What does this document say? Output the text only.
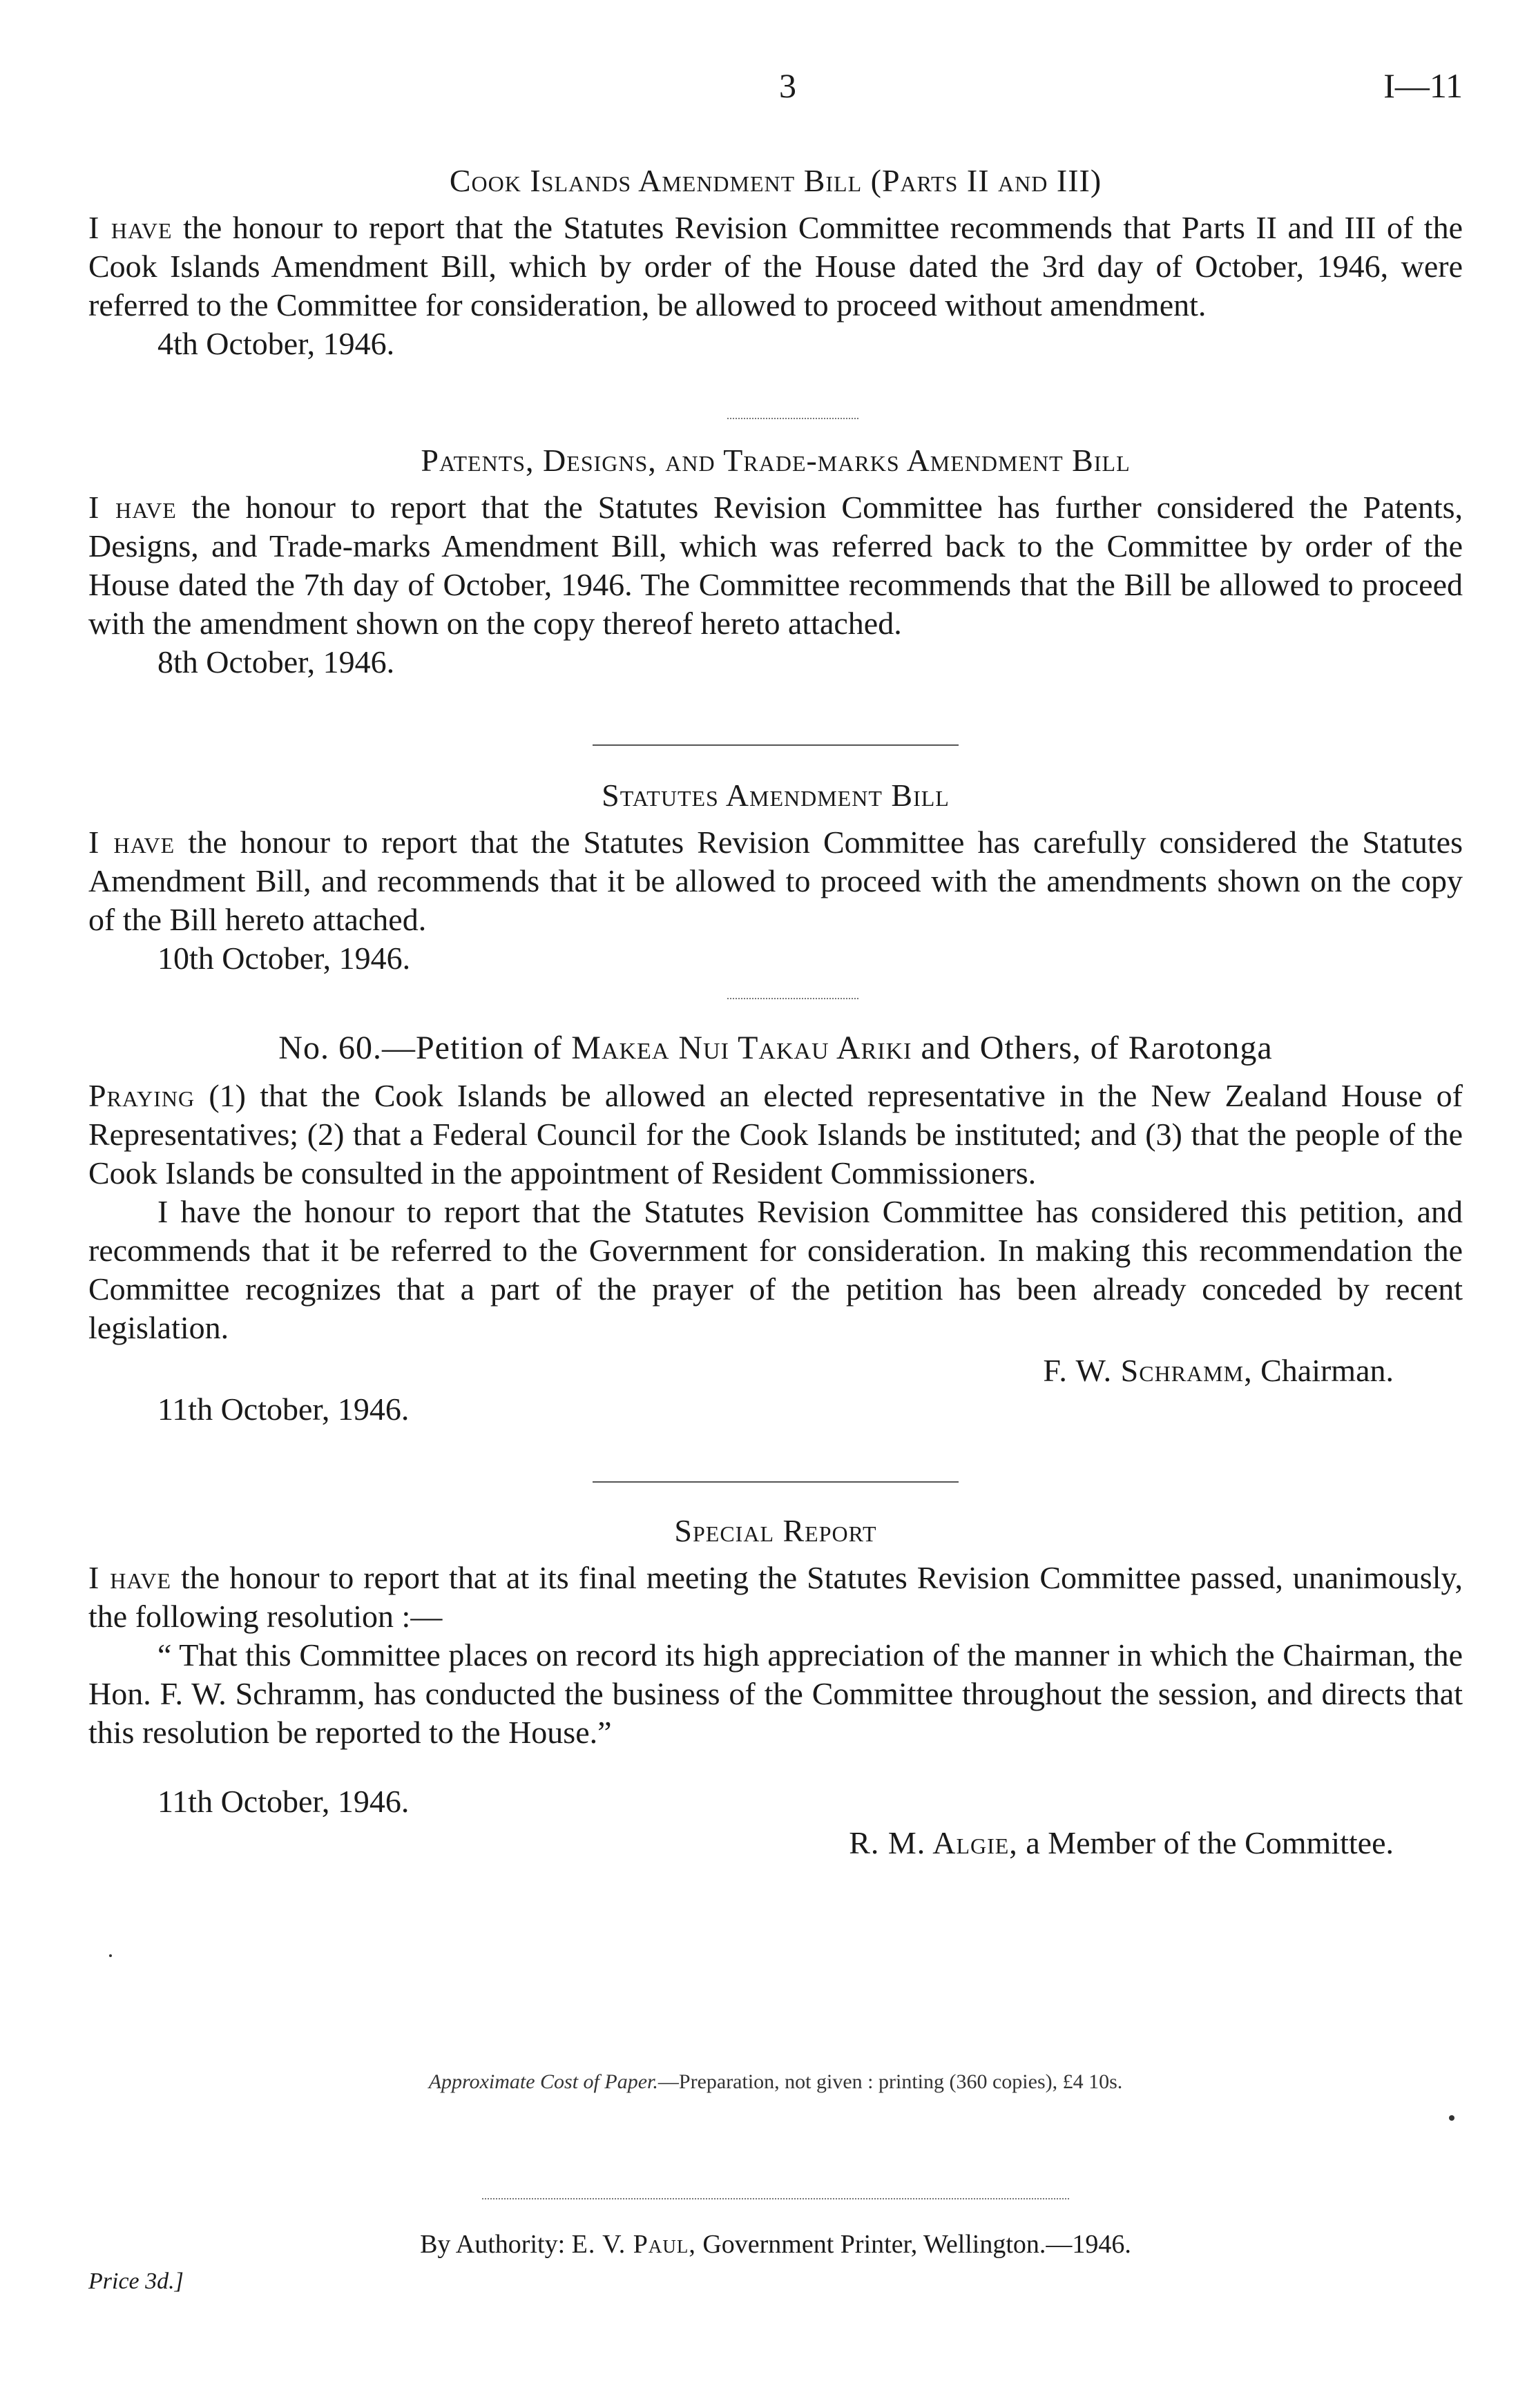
3	I—11

Cook Islands Amendment Bill (Parts II and III)

I have the honour to report that the Statutes Revision Committee recommends that Parts II and III of the Cook Islands Amendment Bill, which by order of the House dated the 3rd day of October, 1946, were referred to the Committee for consideration, be allowed to proceed without amendment.

4th October, 1946.

Patents, Designs, and Trade-marks Amendment Bill

I have the honour to report that the Statutes Revision Committee has further considered the Patents, Designs, and Trade-marks Amendment Bill, which was referred back to the Committee by order of the House dated the 7th day of October, 1946. The Committee recommends that the Bill be allowed to proceed with the amendment shown on the copy thereof hereto attached.

8th October, 1946.

Statutes Amendment Bill

I have the honour to report that the Statutes Revision Committee has carefully considered the Statutes Amendment Bill, and recommends that it be allowed to proceed with the amendments shown on the copy of the Bill hereto attached.

10th October, 1946.

No. 60.—Petition of Makea Nui Takau Ariki and Others, of Rarotonga

Praying (1) that the Cook Islands be allowed an elected representative in the New Zealand House of Representatives; (2) that a Federal Council for the Cook Islands be instituted; and (3) that the people of the Cook Islands be consulted in the appointment of Resident Commissioners.

I have the honour to report that the Statutes Revision Committee has considered this petition, and recommends that it be referred to the Government for consideration. In making this recommendation the Committee recognizes that a part of the prayer of the petition has been already conceded by recent legislation.

F. W. Schramm, Chairman.

11th October, 1946.

Special Report

I have the honour to report that at its final meeting the Statutes Revision Committee passed, unanimously, the following resolution :—

“ That this Committee places on record its high appreciation of the manner in which the Chairman, the Hon. F. W. Schramm, has conducted the business of the Committee throughout the session, and directs that this resolution be reported to the House.”

11th October, 1946.

R. M. Algie, a Member of the Committee.

Approximate Cost of Paper.—Preparation, not given : printing (360 copies), £4 10s.
By Authority: E. V. Paul, Government Printer, Wellington.—1946.
Price 3d.]
